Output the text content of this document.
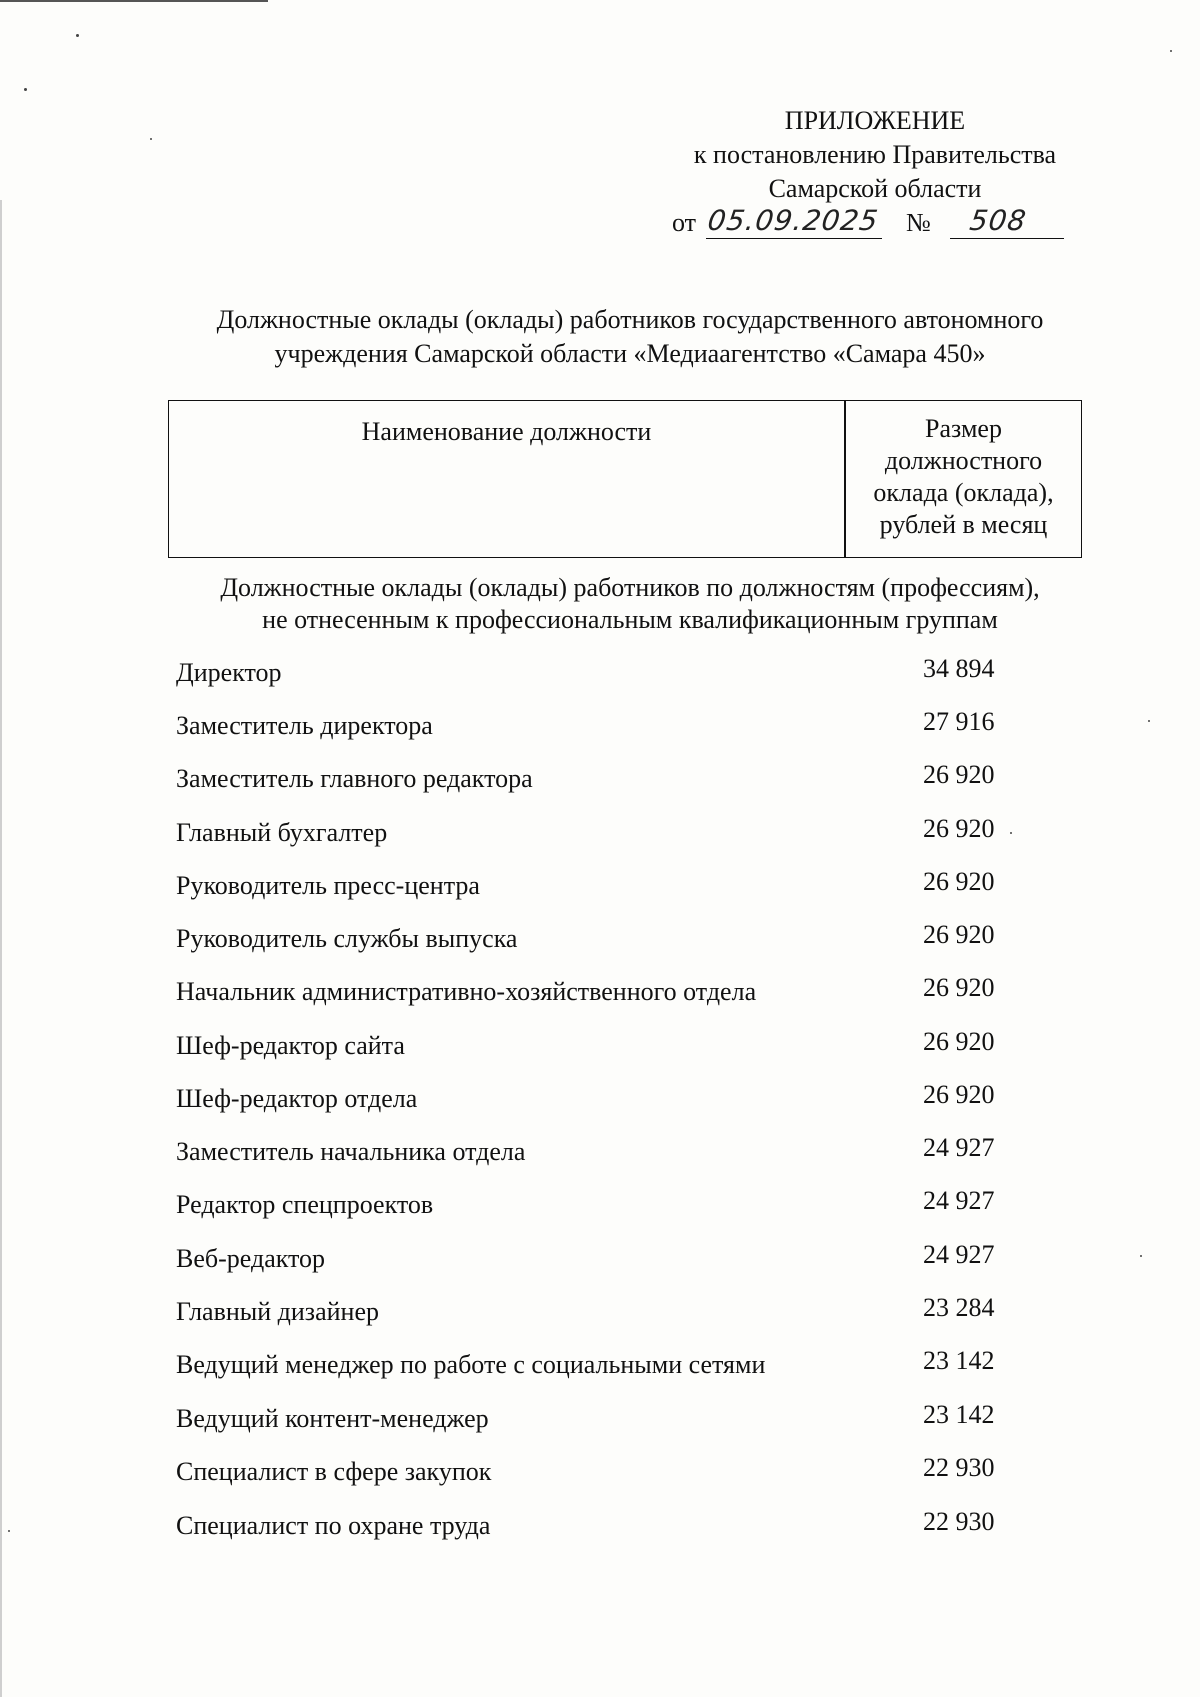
ПРИЛОЖЕНИЕ
к постановлению Правительства
Самарской области
от 05.09.2025 № 508
Должностные оклады (оклады) работников государственного автономного
учреждения Самарской области «Медиаагентство «Самара 450»
Наименование должности	Размер
должностного
оклада (оклада),
рублей в месяц
Должностные оклады (оклады) работников по должностям (профессиям),
не отнесенным к профессиональным квалификационным группам
Директор	34 894
Заместитель директора	27 916
Заместитель главного редактора	26 920
Главный бухгалтер	26 920
Руководитель пресс-центра	26 920
Руководитель службы выпуска	26 920
Начальник административно-хозяйственного отдела	26 920
Шеф-редактор сайта	26 920
Шеф-редактор отдела	26 920
Заместитель начальника отдела	24 927
Редактор спецпроектов	24 927
Веб-редактор	24 927
Главный дизайнер	23 284
Ведущий менеджер по работе с социальными сетями	23 142
Ведущий контент-менеджер	23 142
Специалист в сфере закупок	22 930
Специалист по охране труда	22 930
